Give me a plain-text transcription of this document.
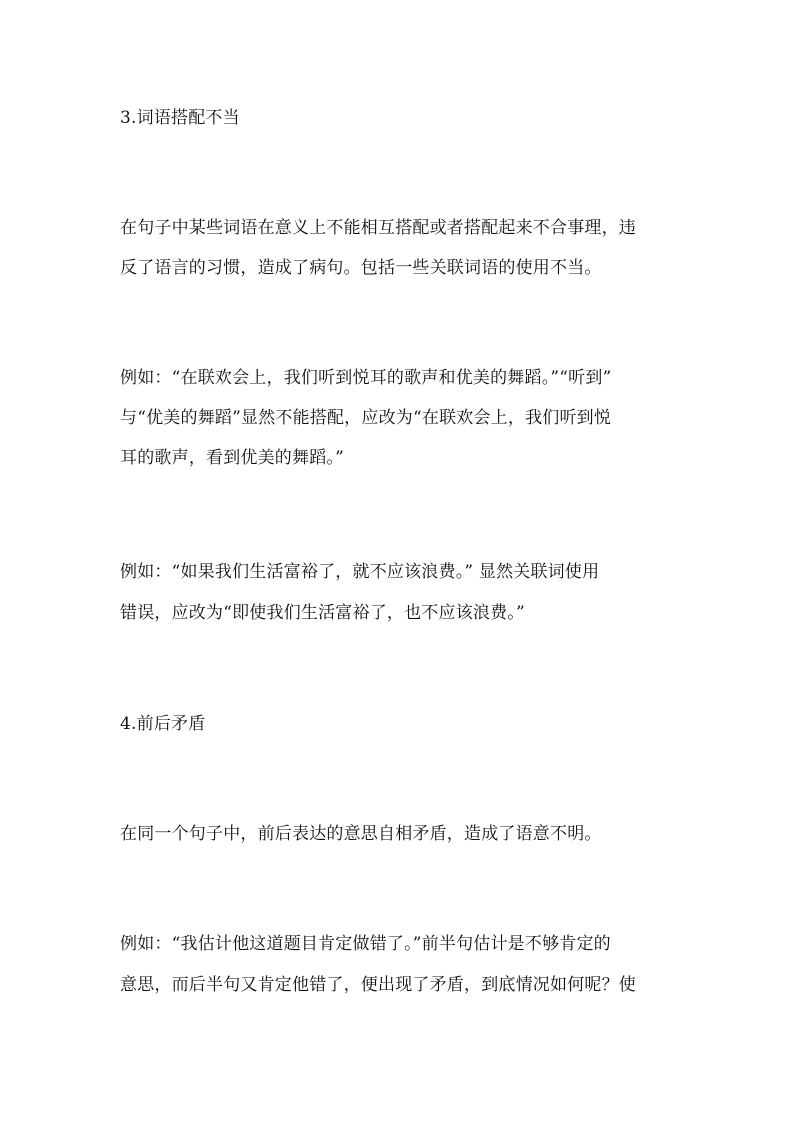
3.词语搭配不当
在句子中某些词语在意义上不能相互搭配或者搭配起来不合事理，违
反了语言的习惯，造成了病句。包括一些关联词语的使用不当。
例如：“在联欢会上，我们听到悦耳的歌声和优美的舞蹈。”“听到”
与“优美的舞蹈”显然不能搭配，应改为“在联欢会上，我们听到悦
耳的歌声，看到优美的舞蹈。”
例如：“如果我们生活富裕了，就不应该浪费。” 显然关联词使用
错误，应改为“即使我们生活富裕了，也不应该浪费。”
4.前后矛盾
在同一个句子中，前后表达的意思自相矛盾，造成了语意不明。
例如：“我估计他这道题目肯定做错了。”前半句估计是不够肯定的
意思，而后半句又肯定他错了，便出现了矛盾，到底情况如何呢？使
